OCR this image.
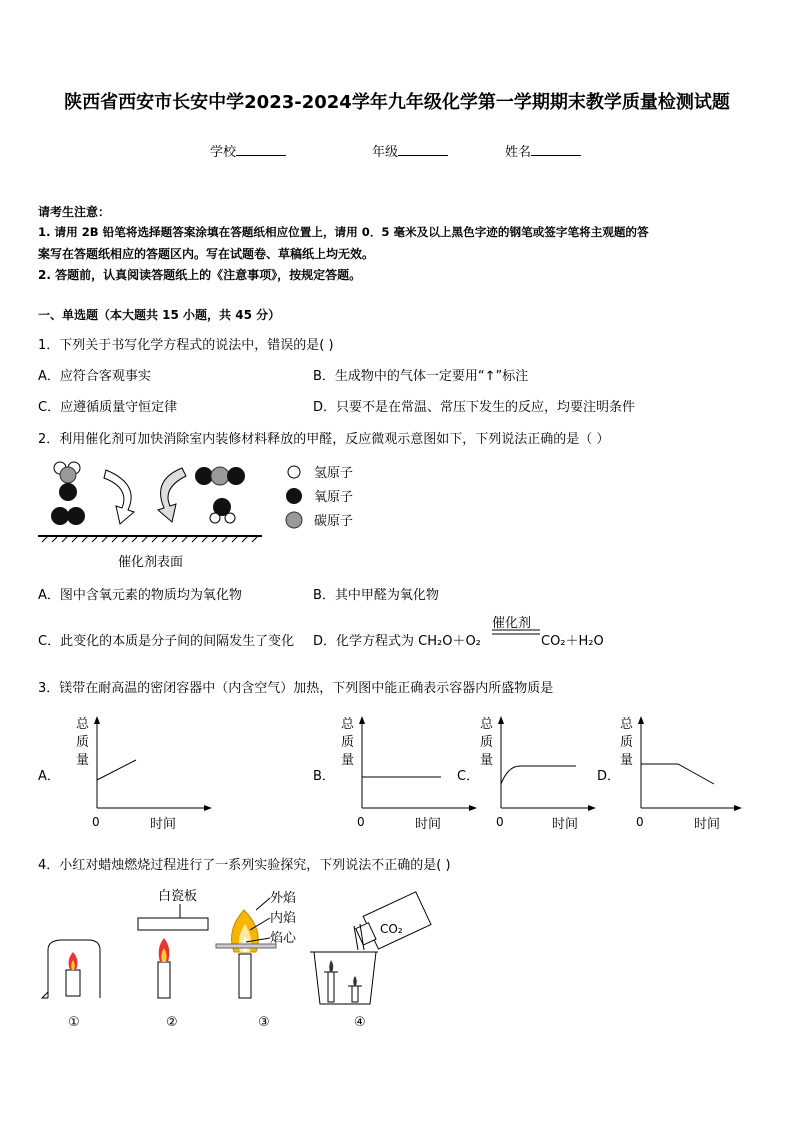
陕西省西安市长安中学2023-2024学年九年级化学第一学期期末教学质量检测试题
学校	年级	姓名
请考生注意：
1. 请用 2B 铅笔将选择题答案涂填在答题纸相应位置上，请用 0．5 毫米及以上黑色字迹的钢笔或签字笔将主观题的答
案写在答题纸相应的答题区内。写在试题卷、草稿纸上均无效。
2. 答题前，认真阅读答题纸上的《注意事项》，按规定答题。
一、单选题（本大题共 15 小题，共 45 分）
1．下列关于书写化学方程式的说法中，错误的是( )
A．应符合客观事实	B．生成物中的气体一定要用“↑”标注
C．应遵循质量守恒定律	D．只要不是在常温、常压下发生的反应，均要注明条件
2．利用催化剂可加快消除室内装修材料释放的甲醛，反应微观示意图如下，下列说法正确的是（ ）
催化剂表面
氢原子
氧原子
碳原子
A．图中含氧元素的物质均为氧化物	B．其中甲醛为氧化物
C．此变化的本质是分子间的间隔发生了变化 D．化学方程式为 CH₂O＋O₂
催化剂
CO₂＋H₂O
3．镁带在耐高温的密闭容器中（内含空气）加热，下列图中能正确表示容器内所盛物质是
A．
总
质
量
0	时间
B．
总
质
量
0	时间
C．
总
质
量
0	时间
D．
总
质
量
0	时间
4．小红对蜡烛燃烧过程进行了一系列实验探究，下列说法不正确的是( )
①
白瓷板
②
外焰
内焰
焰心
③
CO₂
④
